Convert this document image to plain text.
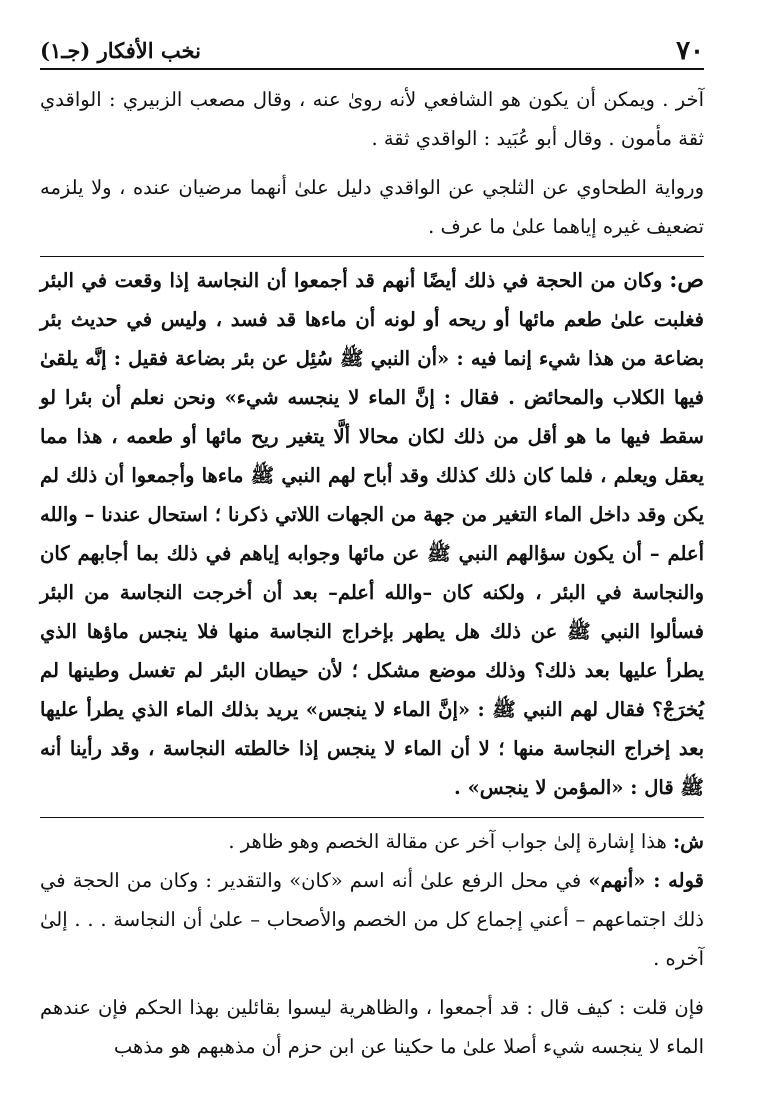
٧٠
نخب الأفكار (جـ١)

آخر . ويمكن أن يكون هو الشافعي لأنه روىٰ عنه ، وقال مصعب الزبيري : الواقدي ثقة مأمون . وقال أبو عُبَيد : الواقدي ثقة .

ورواية الطحاوي عن الثلجي عن الواقدي دليل علىٰ أنهما مرضيان عنده ، ولا يلزمه تضعيف غيره إياهما علىٰ ما عرف .

ص: وكان من الحجة في ذلك أيضًا أنهم قد أجمعوا أن النجاسة إذا وقعت في البئر فغلبت علىٰ طعم مائها أو ريحه أو لونه أن ماءها قد فسد ، وليس في حديث بئر بضاعة من هذا شيء إنما فيه : «أن النبي ﷺ سُئِل عن بئر بضاعة فقيل : إنَّه يلقىٰ فيها الكلاب والمحائض . فقال : إنَّ الماء لا ينجسه شيء» ونحن نعلم أن بئرا لو سقط فيها ما هو أقل من ذلك لكان محالا ألَّا يتغير ريح مائها أو طعمه ، هذا مما يعقل ويعلم ، فلما كان ذلك كذلك وقد أباح لهم النبي ﷺ ماءها وأجمعوا أن ذلك لم يكن وقد داخل الماء التغير من جهة من الجهات اللاتي ذكرنا ؛ استحال عندنا – والله أعلم – أن يكون سؤالهم النبي ﷺ عن مائها وجوابه إياهم في ذلك بما أجابهم كان والنجاسة في البئر ، ولكنه كان –والله أعلم– بعد أن أخرجت النجاسة من البئر فسألوا النبي ﷺ عن ذلك هل يطهر بإخراج النجاسة منها فلا ينجس ماؤها الذي يطرأ عليها بعد ذلك؟ وذلك موضع مشكل ؛ لأن حيطان البئر لم تغسل وطينها لم يُخرَجْ؟ فقال لهم النبي ﷺ : «إنَّ الماء لا ينجس» يريد بذلك الماء الذي يطرأ عليها بعد إخراج النجاسة منها ؛ لا أن الماء لا ينجس إذا خالطته النجاسة ، وقد رأينا أنه ﷺ قال : «المؤمن لا ينجس» .

ش: هذا إشارة إلىٰ جواب آخر عن مقالة الخصم وهو ظاهر .

قوله : «أنهم» في محل الرفع علىٰ أنه اسم «كان» والتقدير : وكان من الحجة في ذلك اجتماعهم – أعني إجماع كل من الخصم والأصحاب – علىٰ أن النجاسة . . . إلىٰ آخره .

فإن قلت : كيف قال : قد أجمعوا ، والظاهرية ليسوا بقائلين بهذا الحكم فإن عندهم الماء لا ينجسه شيء أصلا علىٰ ما حكينا عن ابن حزم أن مذهبهم هو مذهب
